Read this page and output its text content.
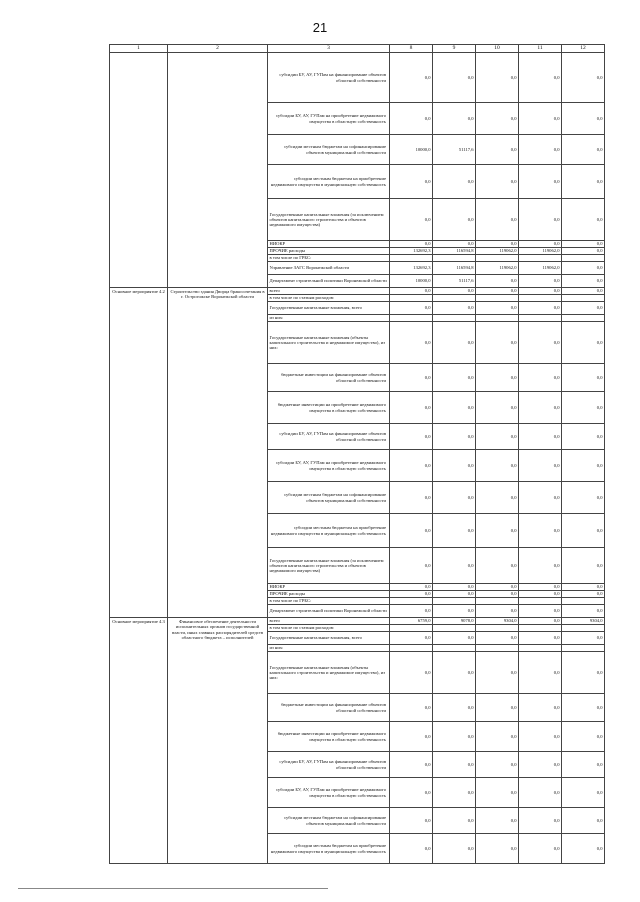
21
1	2	3	8	9	10	11	12
		субсидии БУ, АУ, ГУПам на финансирование объектов областной собственности	0,0	0,0	0,0	0,0	0,0
		субсидии БУ, АУ, ГУПам на приобретение недвижимого имущества в областную собственность	0,0	0,0	0,0	0,0	0,0
		субсидии местным бюджетам на софинансирование объектов муниципальной собственности	10000,0	51117,6	0,0	0,0	0,0
		субсидии местным бюджетам на приобретение недвижимого имущества в муниципальную собственность	0,0	0,0	0,0	0,0	0,0
		Государственные капитальные вложения (за исключением объектов капитального строительства и объектов недвижимого имущества)	0,0	0,0	0,0	0,0	0,0
		НИОКР	0,0	0,0	0,0	0,0	0,0
		ПРОЧИЕ расходы	132692,3	116594,8	119062,0	119062,0	0,0
		в том числе по ГРБС:					
		Управление ЗАГС Воронежской области	132692,3	116594,8	119062,0	119062,0	0,0
		Департамент строительной политики Воронежской области	10000,0	51117,6	0,0	0,0	0,0
Основное мероприятие 4.2	Строительство здания Дворца бракосочетания в г. Острогожске Воронежской области	всего	0,0	0,0	0,0	0,0	0,0
		в том числе по статьям расходов:					
		Государственные капитальные вложения, всего	0,0	0,0	0,0	0,0	0,0
		из них:					
		Государственные капитальные вложения (объекты капитального строительства и недвижимое имущество), из них:	0,0	0,0	0,0	0,0	0,0
		бюджетные инвестиции на финансирование объектов областной собственности	0,0	0,0	0,0	0,0	0,0
		бюджетные инвестиции на приобретение недвижимого имущества в областную собственность	0,0	0,0	0,0	0,0	0,0
		субсидии БУ, АУ, ГУПам на финансирование объектов областной собственности	0,0	0,0	0,0	0,0	0,0
		субсидии БУ, АУ, ГУПам на приобретение недвижимого имущества в областную собственность	0,0	0,0	0,0	0,0	0,0
		субсидии местным бюджетам на софинансирование объектов муниципальной собственности	0,0	0,0	0,0	0,0	0,0
		субсидии местным бюджетам на приобретение недвижимого имущества в муниципальную собственность	0,0	0,0	0,0	0,0	0,0
		Государственные капитальные вложения (за исключением объектов капитального строительства и объектов недвижимого имущества)	0,0	0,0	0,0	0,0	0,0
		НИОКР	0,0	0,0	0,0	0,0	0,0
		ПРОЧИЕ расходы	0,0	0,0	0,0	0,0	0,0
		в том числе по ГРБС:					
		Департамент строительной политики Воронежской области	0,0	0,0	0,0	0,0	0,0
Основное мероприятие 4.3	Финансовое обеспечение деятельности исполнительных органов государственной власти, иных главных распорядителей средств областного бюджета – исполнителей	всего	6759,0	9078,0	9304,0	0,0	9304,0
		в том числе по статьям расходов:					
		Государственные капитальные вложения, всего	0,0	0,0	0,0	0,0	0,0
		из них:					
		Государственные капитальные вложения (объекты капитального строительства и недвижимое имущество), из них:	0,0	0,0	0,0	0,0	0,0
		бюджетные инвестиции на финансирование объектов областной собственности	0,0	0,0	0,0	0,0	0,0
		бюджетные инвестиции на приобретение недвижимого имущества в областную собственность	0,0	0,0	0,0	0,0	0,0
		субсидии БУ, АУ, ГУПам на финансирование объектов областной собственности	0,0	0,0	0,0	0,0	0,0
		субсидии БУ, АУ, ГУПам на приобретение недвижимого имущества в областную собственность	0,0	0,0	0,0	0,0	0,0
		субсидии местным бюджетам на софинансирование объектов муниципальной собственности	0,0	0,0	0,0	0,0	0,0
		субсидии местным бюджетам на приобретение недвижимого имущества в муниципальную собственность	0,0	0,0	0,0	0,0	0,0
